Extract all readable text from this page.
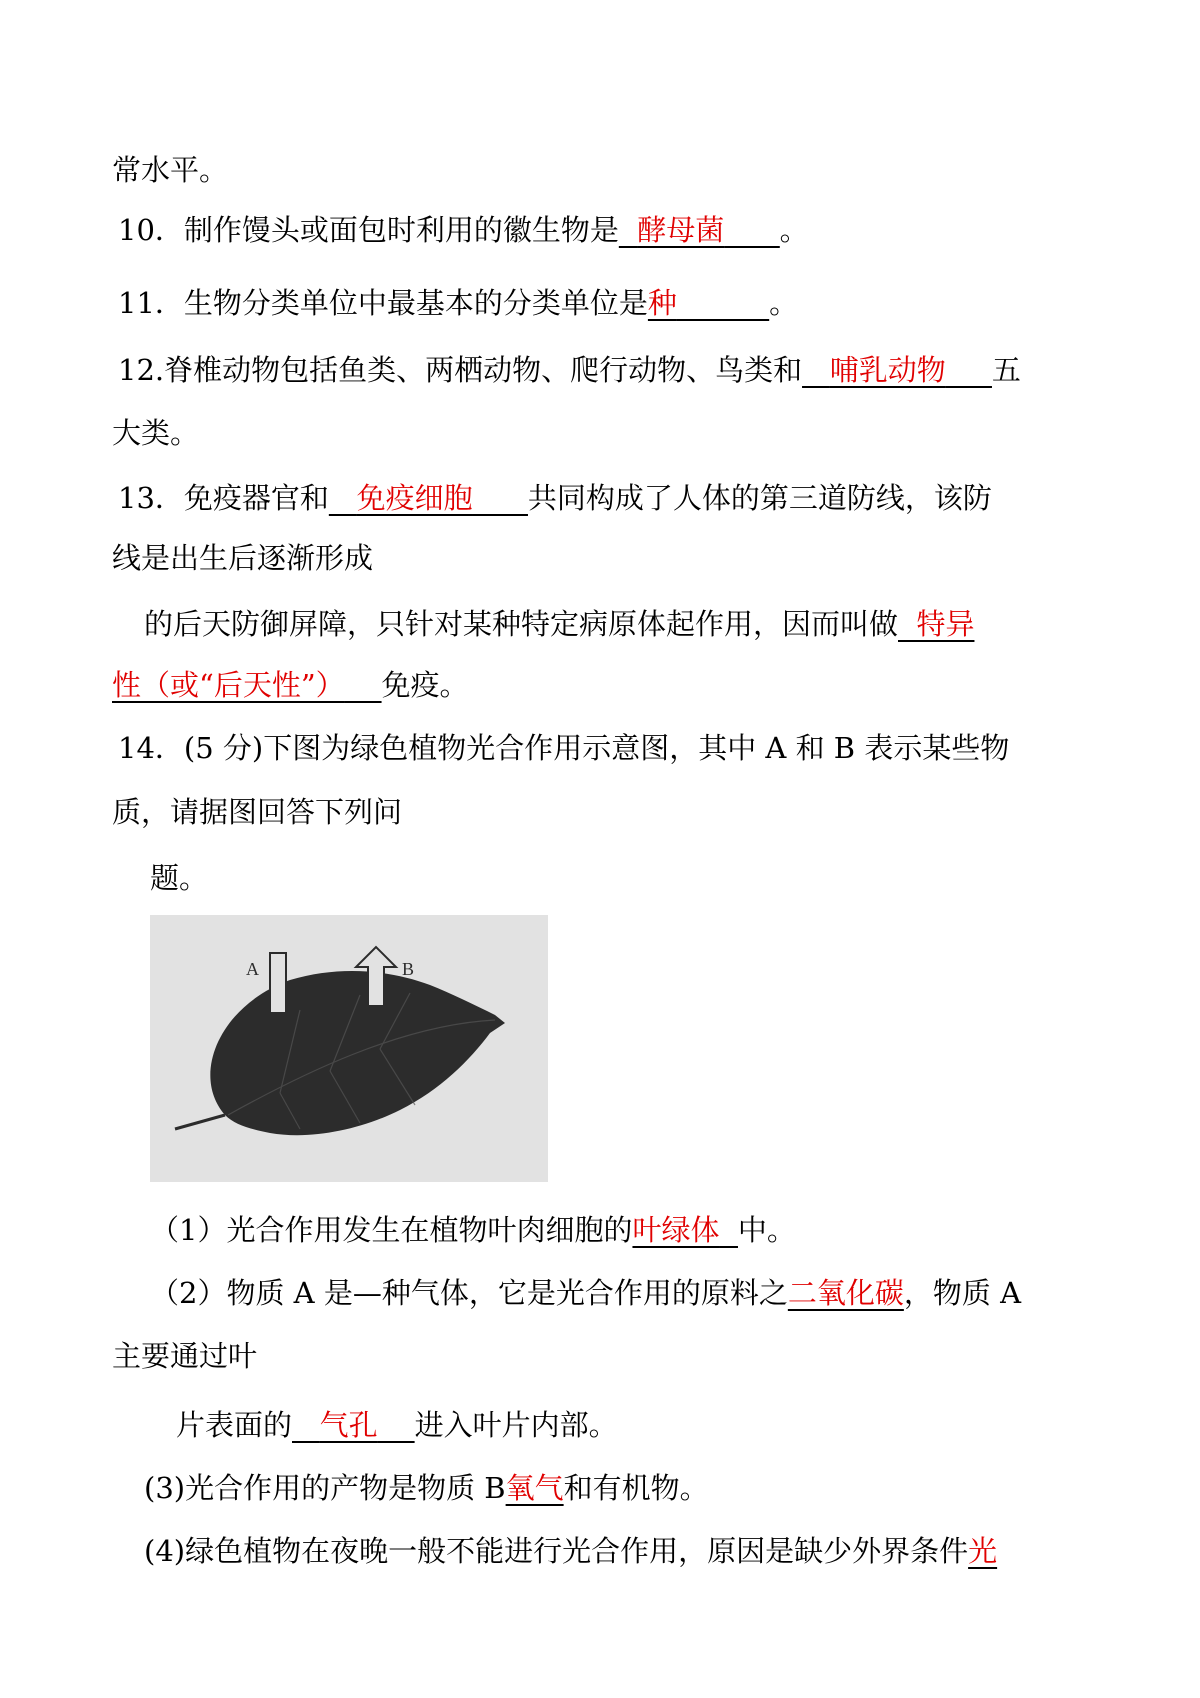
常水平。
10．制作馒头或面包时利用的徽生物是 酵母菌 。
11．生物分类单位中最基本的分类单位是种	。
12.脊椎动物包括鱼类、两栖动物、爬行动物、鸟类和 哺乳动物 五
大类。
13．免疫器官和 免疫细胞 共同构成了人体的第三道防线，该防
线是出生后逐渐形成
的后天防御屏障，只针对某种特定病原体起作用，因而叫做 特异
性（或“后天性”） 免疫。
14．(5 分)下图为绿色植物光合作用示意图，其中 A 和 B 表示某些物
质，请据图回答下列问
题。
A	B
（1）光合作用发生在植物叶肉细胞的叶绿体 中。
（2）物质 A 是—种气体，它是光合作用的原料之二氧化碳，物质 A
主要通过叶
片表面的 气孔 进入叶片内部。
(3)光合作用的产物是物质 B氧气和有机物。
(4)绿色植物在夜晚一般不能进行光合作用，原因是缺少外界条件光
